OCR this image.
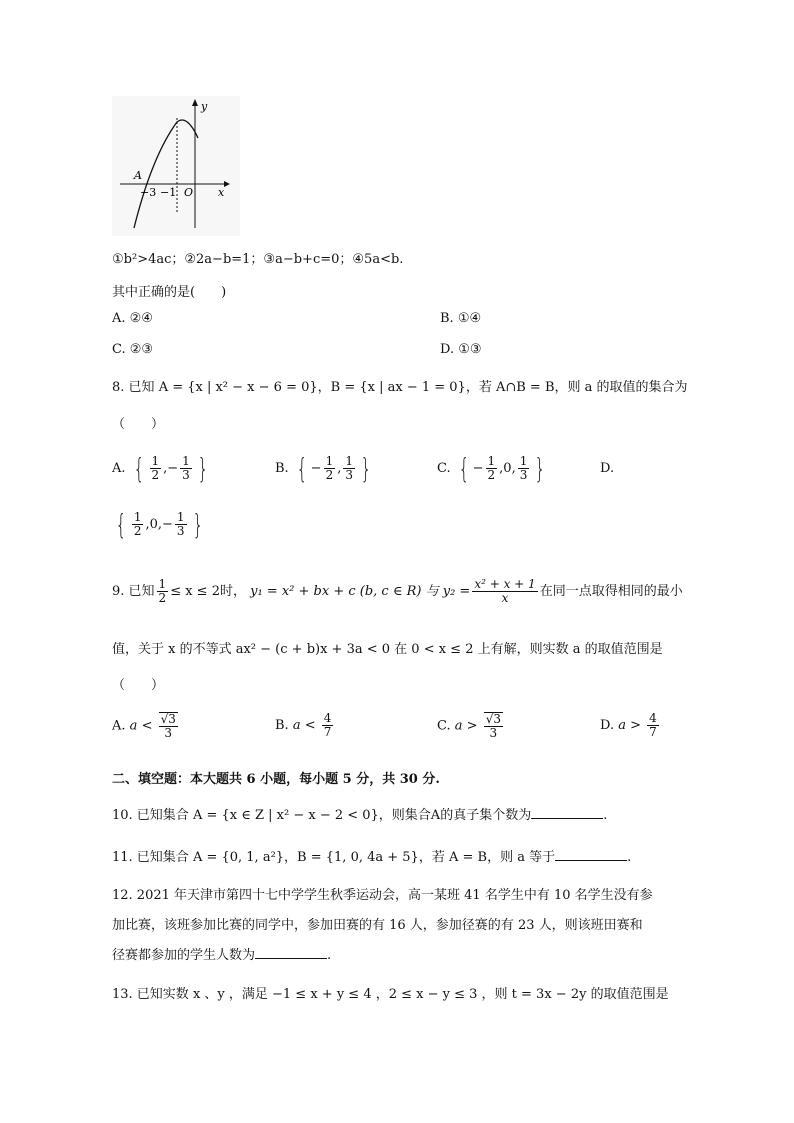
y
x
A
−3 −1 O
①b²>4ac；②2a−b=1；③a−b+c=0；④5a<b.
其中正确的是(　　)
A. ②④	B. ①④
C. ②③	D. ①③
8. 已知 A = {x | x² − x − 6 = 0}，B = {x | ax − 1 = 0}，若 A∩B = B，则 a 的取值的集合为
（　　）
A. { $\frac{1}{2}$ ,− $\frac{1}{3}$ }	B. { − $\frac{1}{2}$ , $\frac{1}{3}$ }	C. { − $\frac{1}{2} ,0$, $\frac{1}{3}$ }	D.
{ $\frac{1}{2} ,0,- \frac{1}{3}$ }
9. 已知 $\frac{1}{2} \le x \le 2$时， y₁ = x² + bx + c (b, c ∈ R) 与 $y_2 = \frac{\text{x² + x + 1}}{x}$ 在同一点取得相同的最小
值，关于 x 的不等式 ax² − (c + b)x + 3a < 0 在 0 < x ≤ 2 上有解，则实数 a 的取值范围是
（　　）
A. $a < \frac{√3}{3}$	B. $a < \frac{4}{7}$	C. $a > \frac{√3}{3}$	D. $a > \frac{4}{7}$
二、填空题：本大题共 6 小题，每小题 5 分，共 30 分.
10. 已知集合 A = {x ∈ Z | x² − x − 2 < 0}，则集合A的真子集个数为	.
11. 已知集合 A = {0, 1, a²}，B = {1, 0, 4a + 5}，若 A = B，则 a 等于	.
12. 2021 年天津市第四十七中学学生秋季运动会，高一某班 41 名学生中有 10 名学生没有参
加比赛，该班参加比赛的同学中，参加田赛的有 16 人，参加径赛的有 23 人，则该班田赛和
径赛都参加的学生人数为	.
13. 已知实数 x 、y ，满足 −1 ≤ x + y ≤ 4 ，2 ≤ x − y ≤ 3 ，则 t = 3x − 2y 的取值范围是
